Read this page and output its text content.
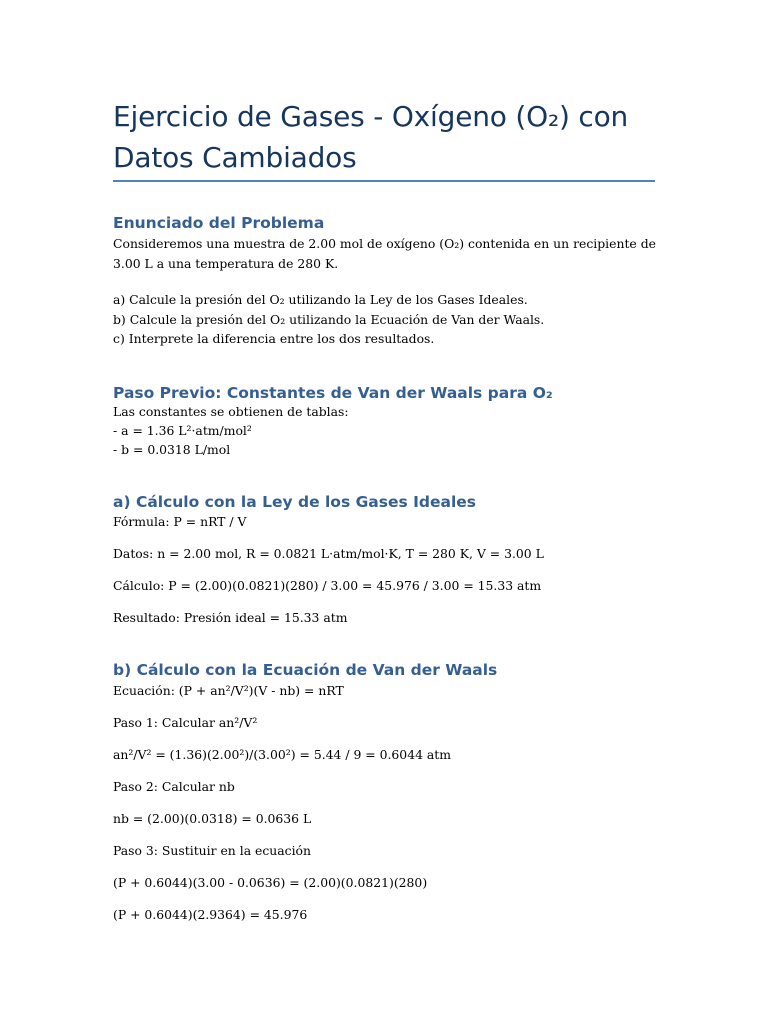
Ejercicio de Gases - Oxígeno (O₂) con Datos Cambiados
Enunciado del Problema

Consideremos una muestra de 2.00 mol de oxígeno (O₂) contenida en un recipiente de 3.00 L a una temperatura de 280 K.

a) Calcule la presión del O₂ utilizando la Ley de los Gases Ideales.

b) Calcule la presión del O₂ utilizando la Ecuación de Van der Waals.

c) Interprete la diferencia entre los dos resultados.

Paso Previo: Constantes de Van der Waals para O₂

Las constantes se obtienen de tablas:

- a = 1.36 L²·atm/mol²

- b = 0.0318 L/mol

a) Cálculo con la Ley de los Gases Ideales

Fórmula: P = nRT / V

Datos: n = 2.00 mol, R = 0.0821 L·atm/mol·K, T = 280 K, V = 3.00 L

Cálculo: P = (2.00)(0.0821)(280) / 3.00 = 45.976 / 3.00 = 15.33 atm

Resultado: Presión ideal = 15.33 atm

b) Cálculo con la Ecuación de Van der Waals

Ecuación: (P + an²/V²)(V - nb) = nRT

Paso 1: Calcular an²/V²

an²/V² = (1.36)(2.00²)/(3.00²) = 5.44 / 9 = 0.6044 atm

Paso 2: Calcular nb

nb = (2.00)(0.0318) = 0.0636 L

Paso 3: Sustituir en la ecuación

(P + 0.6044)(3.00 - 0.0636) = (2.00)(0.0821)(280)

(P + 0.6044)(2.9364) = 45.976
